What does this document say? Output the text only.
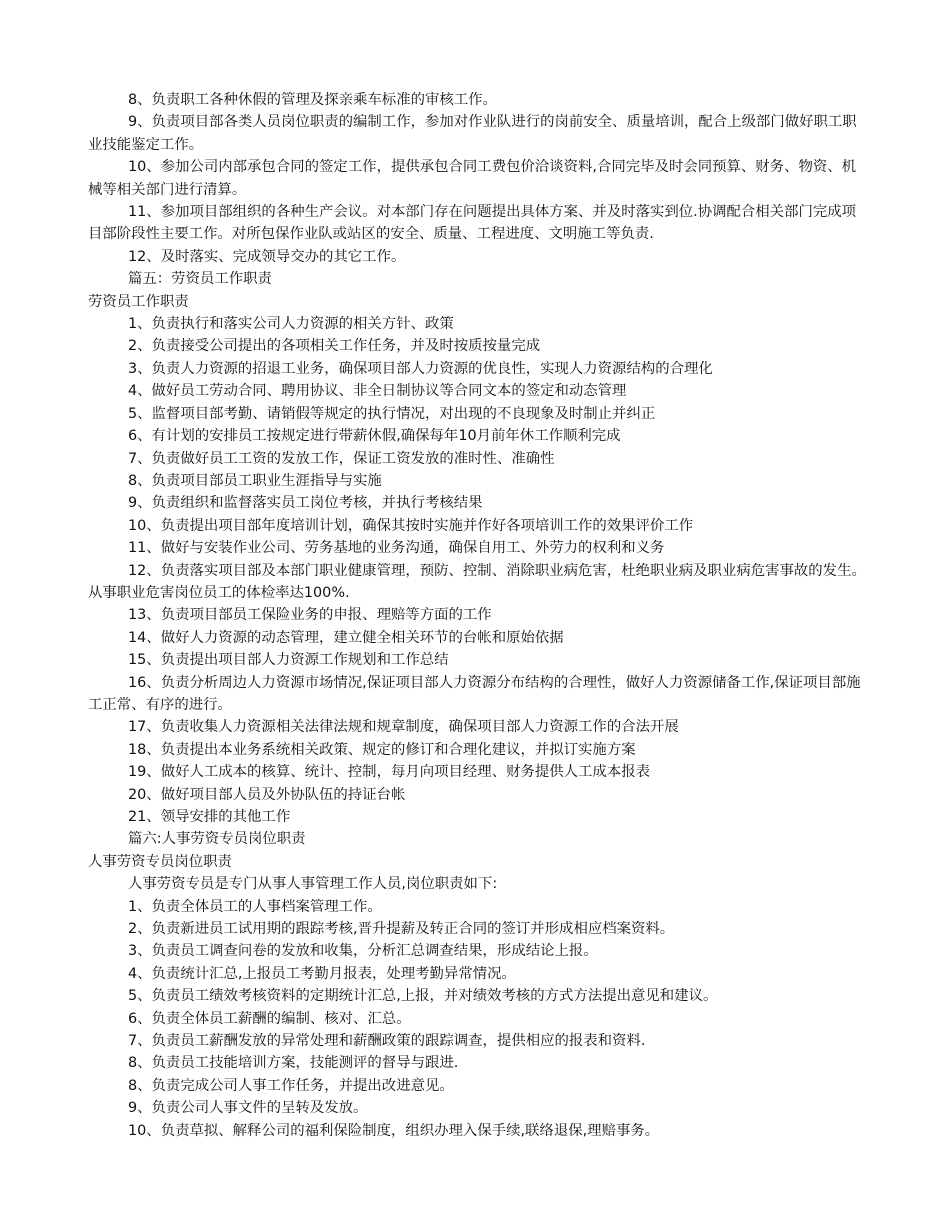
8、负责职工各种休假的管理及探亲乘车标准的审核工作。

9、负责项目部各类人员岗位职责的编制工作，参加对作业队进行的岗前安全、质量培训，配合上级部门做好职工职业技能鉴定工作。

10、参加公司内部承包合同的签定工作，提供承包合同工费包价洽谈资料,合同完毕及时会同预算、财务、物资、机械等相关部门进行清算。

11、参加项目部组织的各种生产会议。对本部门存在问题提出具体方案、并及时落实到位.协调配合相关部门完成项目部阶段性主要工作。对所包保作业队或站区的安全、质量、工程进度、文明施工等负责.

12、及时落实、完成领导交办的其它工作。

篇五：劳资员工作职责

劳资员工作职责

1、负责执行和落实公司人力资源的相关方针、政策

2、负责接受公司提出的各项相关工作任务，并及时按质按量完成

3、负责人力资源的招退工业务，确保项目部人力资源的优良性，实现人力资源结构的合理化

4、做好员工劳动合同、聘用协议、非全日制协议等合同文本的签定和动态管理

5、监督项目部考勤、请销假等规定的执行情况，对出现的不良现象及时制止并纠正

6、有计划的安排员工按规定进行带薪休假,确保每年10月前年休工作顺利完成

7、负责做好员工工资的发放工作，保证工资发放的准时性、准确性

8、负责项目部员工职业生涯指导与实施

9、负责组织和监督落实员工岗位考核，并执行考核结果

10、负责提出项目部年度培训计划，确保其按时实施并作好各项培训工作的效果评价工作

11、做好与安装作业公司、劳务基地的业务沟通，确保自用工、外劳力的权利和义务

12、负责落实项目部及本部门职业健康管理，预防、控制、消除职业病危害，杜绝职业病及职业病危害事故的发生。从事职业危害岗位员工的体检率达100%.

13、负责项目部员工保险业务的申报、理赔等方面的工作

14、做好人力资源的动态管理，建立健全相关环节的台帐和原始依据

15、负责提出项目部人力资源工作规划和工作总结

16、负责分析周边人力资源市场情况,保证项目部人力资源分布结构的合理性，做好人力资源储备工作,保证项目部施工正常、有序的进行。

17、负责收集人力资源相关法律法规和规章制度，确保项目部人力资源工作的合法开展

18、负责提出本业务系统相关政策、规定的修订和合理化建议，并拟订实施方案

19、做好人工成本的核算、统计、控制，每月向项目经理、财务提供人工成本报表

20、做好项目部人员及外协队伍的持证台帐

21、领导安排的其他工作

篇六:人事劳资专员岗位职责

人事劳资专员岗位职责

人事劳资专员是专门从事人事管理工作人员,岗位职责如下:

1、负责全体员工的人事档案管理工作。

2、负责新进员工试用期的跟踪考核,晋升提薪及转正合同的签订并形成相应档案资料。

3、负责员工调查问卷的发放和收集，分析汇总调查结果，形成结论上报。

4、负责统计汇总,上报员工考勤月报表，处理考勤异常情况。

5、负责员工绩效考核资料的定期统计汇总,上报，并对绩效考核的方式方法提出意见和建议。

6、负责全体员工薪酬的编制、核对、汇总。

7、负责员工薪酬发放的异常处理和薪酬政策的跟踪调查，提供相应的报表和资料.

8、负责员工技能培训方案，技能测评的督导与跟进.

8、负责完成公司人事工作任务，并提出改进意见。

9、负责公司人事文件的呈转及发放。

10、负责草拟、解释公司的福利保险制度，组织办理入保手续,联络退保,理赔事务。
